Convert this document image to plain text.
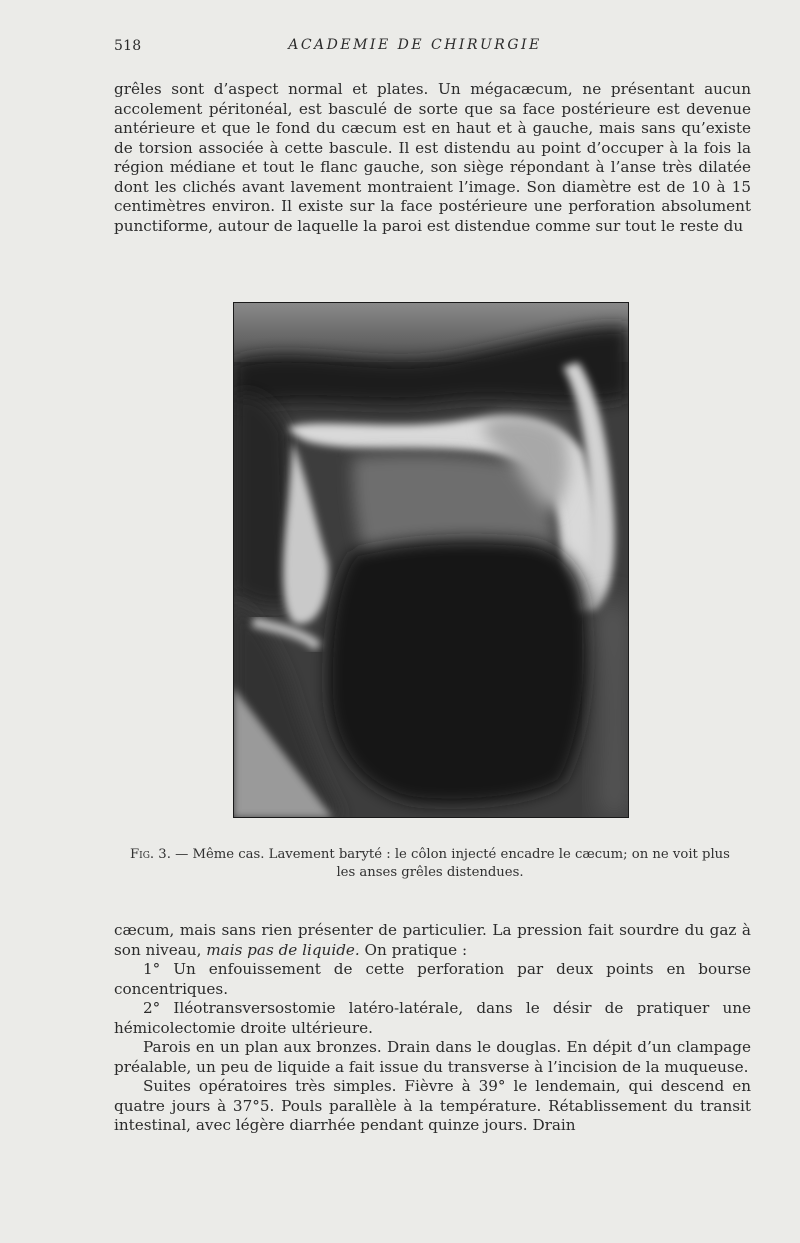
518	ACADEMIE DE CHIRURGIE

grêles sont d’aspect normal et plates. Un mégacæcum, ne présentant aucun accolement péritonéal, est basculé de sorte que sa face postérieure est devenue antérieure et que le fond du cæcum est en haut et à gauche, mais sans qu’existe de torsion associée à cette bascule. Il est distendu au point d’occuper à la fois la région médiane et tout le flanc gauche, son siège répondant à l’anse très dilatée dont les clichés avant lavement montraient l’image. Son diamètre est de 10 à 15 centimètres environ. Il existe sur la face postérieure une perforation absolument punctiforme, autour de laquelle la paroi est distendue comme sur tout le reste du

Fig. 3. — Même cas. Lavement baryté : le côlon injecté encadre le cæcum; on ne voit plus les anses grêles distendues.

cæcum, mais sans rien présenter de particulier. La pression fait sourdre du gaz à son niveau, mais pas de liquide. On pratique :

1° Un enfouissement de cette perforation par deux points en bourse concentriques.

2° Iléotransversostomie latéro-latérale, dans le désir de pratiquer une hémicolectomie droite ultérieure.

Parois en un plan aux bronzes. Drain dans le douglas. En dépit d’un clampage préalable, un peu de liquide a fait issue du transverse à l’incision de la muqueuse.

Suites opératoires très simples. Fièvre à 39° le lendemain, qui descend en quatre jours à 37°5. Pouls parallèle à la température. Rétablissement du transit intestinal, avec légère diarrhée pendant quinze jours. Drain
